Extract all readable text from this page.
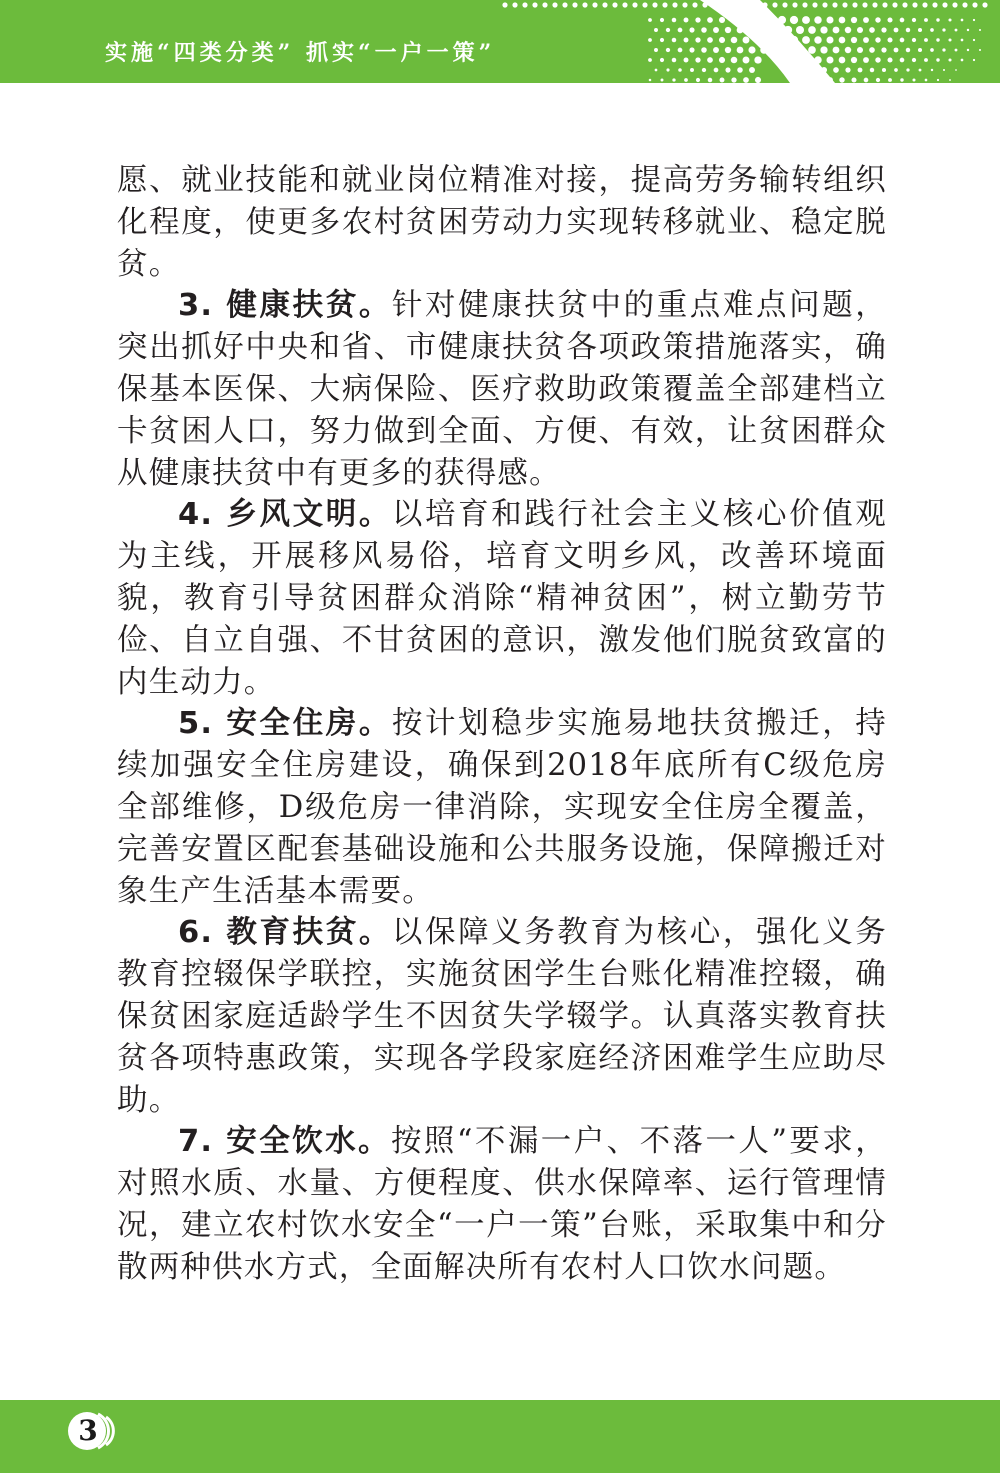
实施“四类分类” 抓实“一户一策”

愿、就业技能和就业岗位精准对接，提高劳务输转组织化程度，使更多农村贫困劳动力实现转移就业、稳定脱贫。

3. 健康扶贫。针对健康扶贫中的重点难点问题，突出抓好中央和省、市健康扶贫各项政策措施落实，确保基本医保、大病保险、医疗救助政策覆盖全部建档立卡贫困人口，努力做到全面、方便、有效，让贫困群众从健康扶贫中有更多的获得感。

4. 乡风文明。以培育和践行社会主义核心价值观为主线，开展移风易俗，培育文明乡风，改善环境面貌，教育引导贫困群众消除“精神贫困”，树立勤劳节俭、自立自强、不甘贫困的意识，激发他们脱贫致富的内生动力。

5. 安全住房。按计划稳步实施易地扶贫搬迁，持续加强安全住房建设，确保到2018年底所有C级危房全部维修，D级危房一律消除，实现安全住房全覆盖，完善安置区配套基础设施和公共服务设施，保障搬迁对象生产生活基本需要。

6. 教育扶贫。以保障义务教育为核心，强化义务教育控辍保学联控，实施贫困学生台账化精准控辍，确保贫困家庭适龄学生不因贫失学辍学。认真落实教育扶贫各项特惠政策，实现各学段家庭经济困难学生应助尽助。

7. 安全饮水。按照“不漏一户、不落一人”要求，对照水质、水量、方便程度、供水保障率、运行管理情况，建立农村饮水安全“一户一策”台账，采取集中和分散两种供水方式，全面解决所有农村人口饮水问题。

3
